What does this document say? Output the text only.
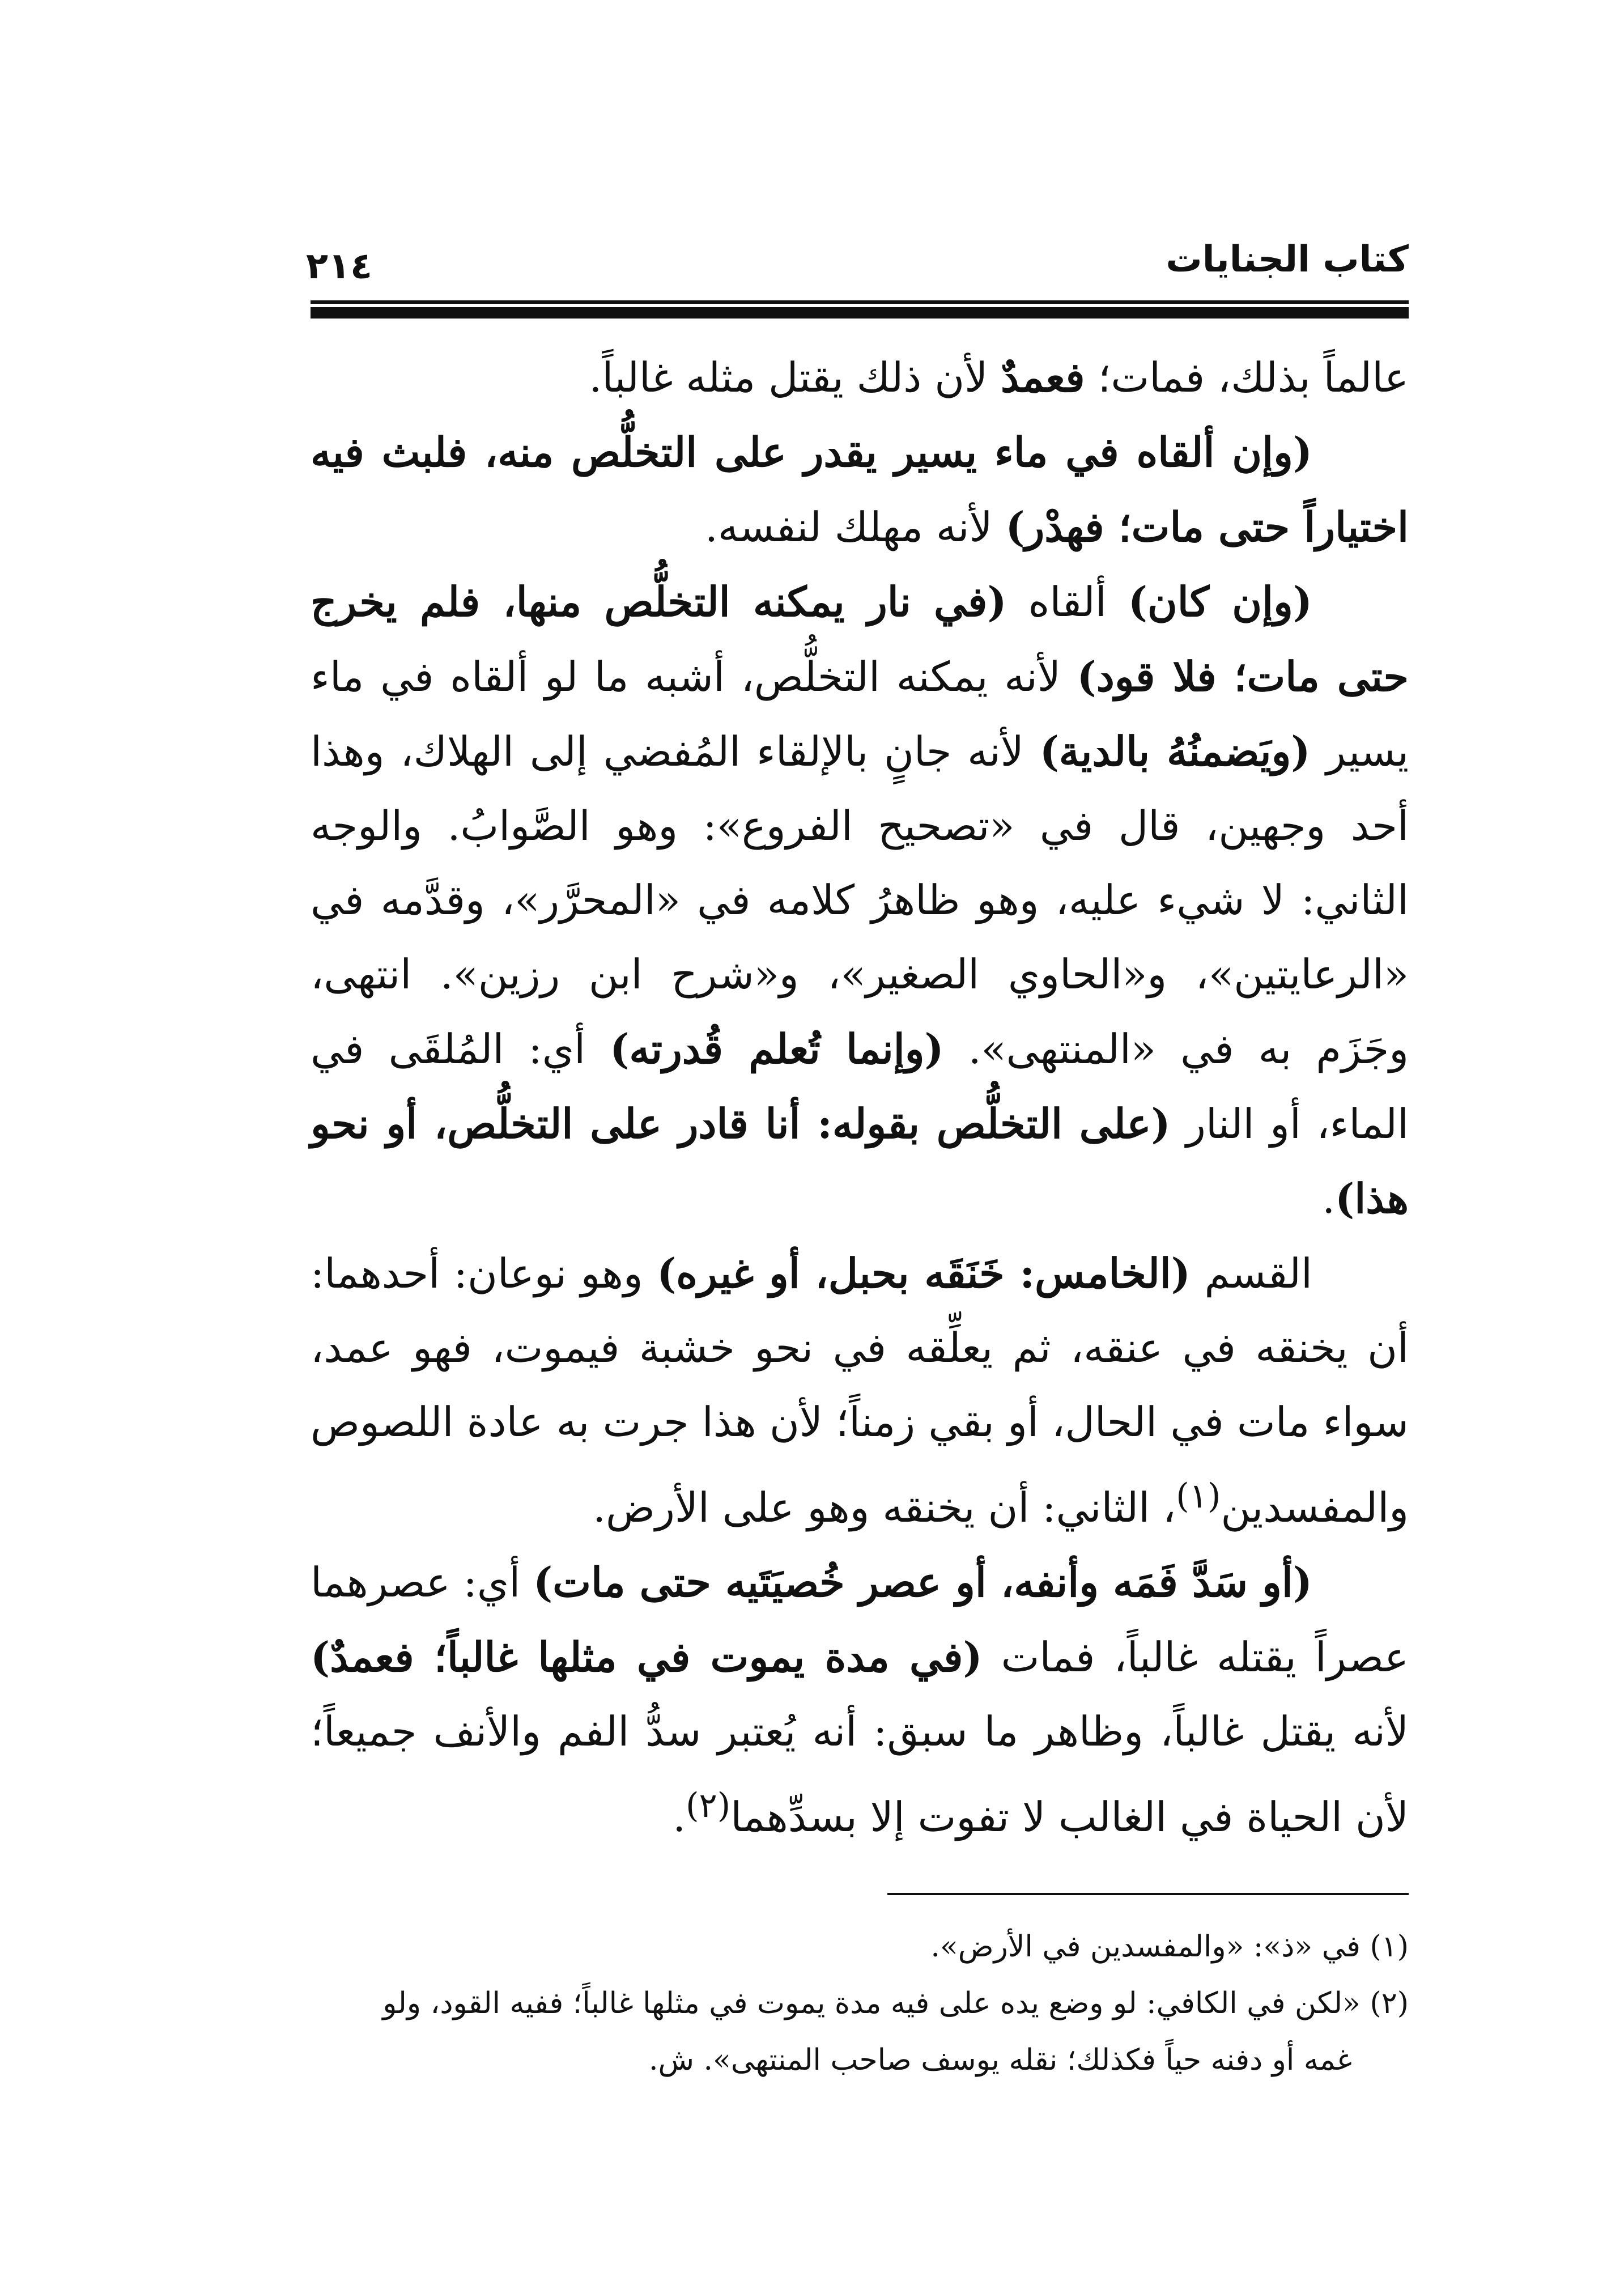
كتاب الجنايات
٢١٤

عالماً بذلك، فمات؛ فعمدٌ لأن ذلك يقتل مثله غالباً.

(وإن ألقاه في ماء يسير يقدر على التخلُّص منه، فلبث فيه اختياراً حتى مات؛ فهدْر) لأنه مهلك لنفسه.

(وإن كان) ألقاه (في نار يمكنه التخلُّص منها، فلم يخرج حتى مات؛ فلا قود) لأنه يمكنه التخلُّص، أشبه ما لو ألقاه في ماء يسير (ويَضمنُهُ بالدية) لأنه جانٍ بالإلقاء المُفضي إلى الهلاك، وهذا أحد وجهين، قال في «تصحيح الفروع»: وهو الصَّوابُ. والوجه الثاني: لا شيء عليه، وهو ظاهرُ كلامه في «المحرَّر»، وقدَّمه في «الرعايتين»، و«الحاوي الصغير»، و«شرح ابن رزين». انتهى، وجَزَم به في «المنتهى». (وإنما تُعلم قُدرته) أي: المُلقَى في الماء، أو النار (على التخلُّص بقوله: أنا قادر على التخلُّص، أو نحو هذا).

القسم (الخامس: خَنَقَه بحبل، أو غيره) وهو نوعان: أحدهما: أن يخنقه في عنقه، ثم يعلِّقه في نحو خشبة فيموت، فهو عمد، سواء مات في الحال، أو بقي زمناً؛ لأن هذا جرت به عادة اللصوص والمفسدين$^{(١)}$، الثاني: أن يخنقه وهو على الأرض.

(أو سَدَّ فَمَه وأنفه، أو عصر خُصيَتَيه حتى مات) أي: عصرهما عصراً يقتله غالباً، فمات (في مدة يموت في مثلها غالباً؛ فعمدٌ) لأنه يقتل غالباً، وظاهر ما سبق: أنه يُعتبر سدُّ الفم والأنف جميعاً؛ لأن الحياة في الغالب لا تفوت إلا بسدِّهما$^{(٢)}$.

(١) في «ذ»: «والمفسدين في الأرض».

(٢) «لكن في الكافي: لو وضع يده على فيه مدة يموت في مثلها غالباً؛ ففيه القود، ولو

غمه أو دفنه حياً فكذلك؛ نقله يوسف صاحب المنتهى». ش.
